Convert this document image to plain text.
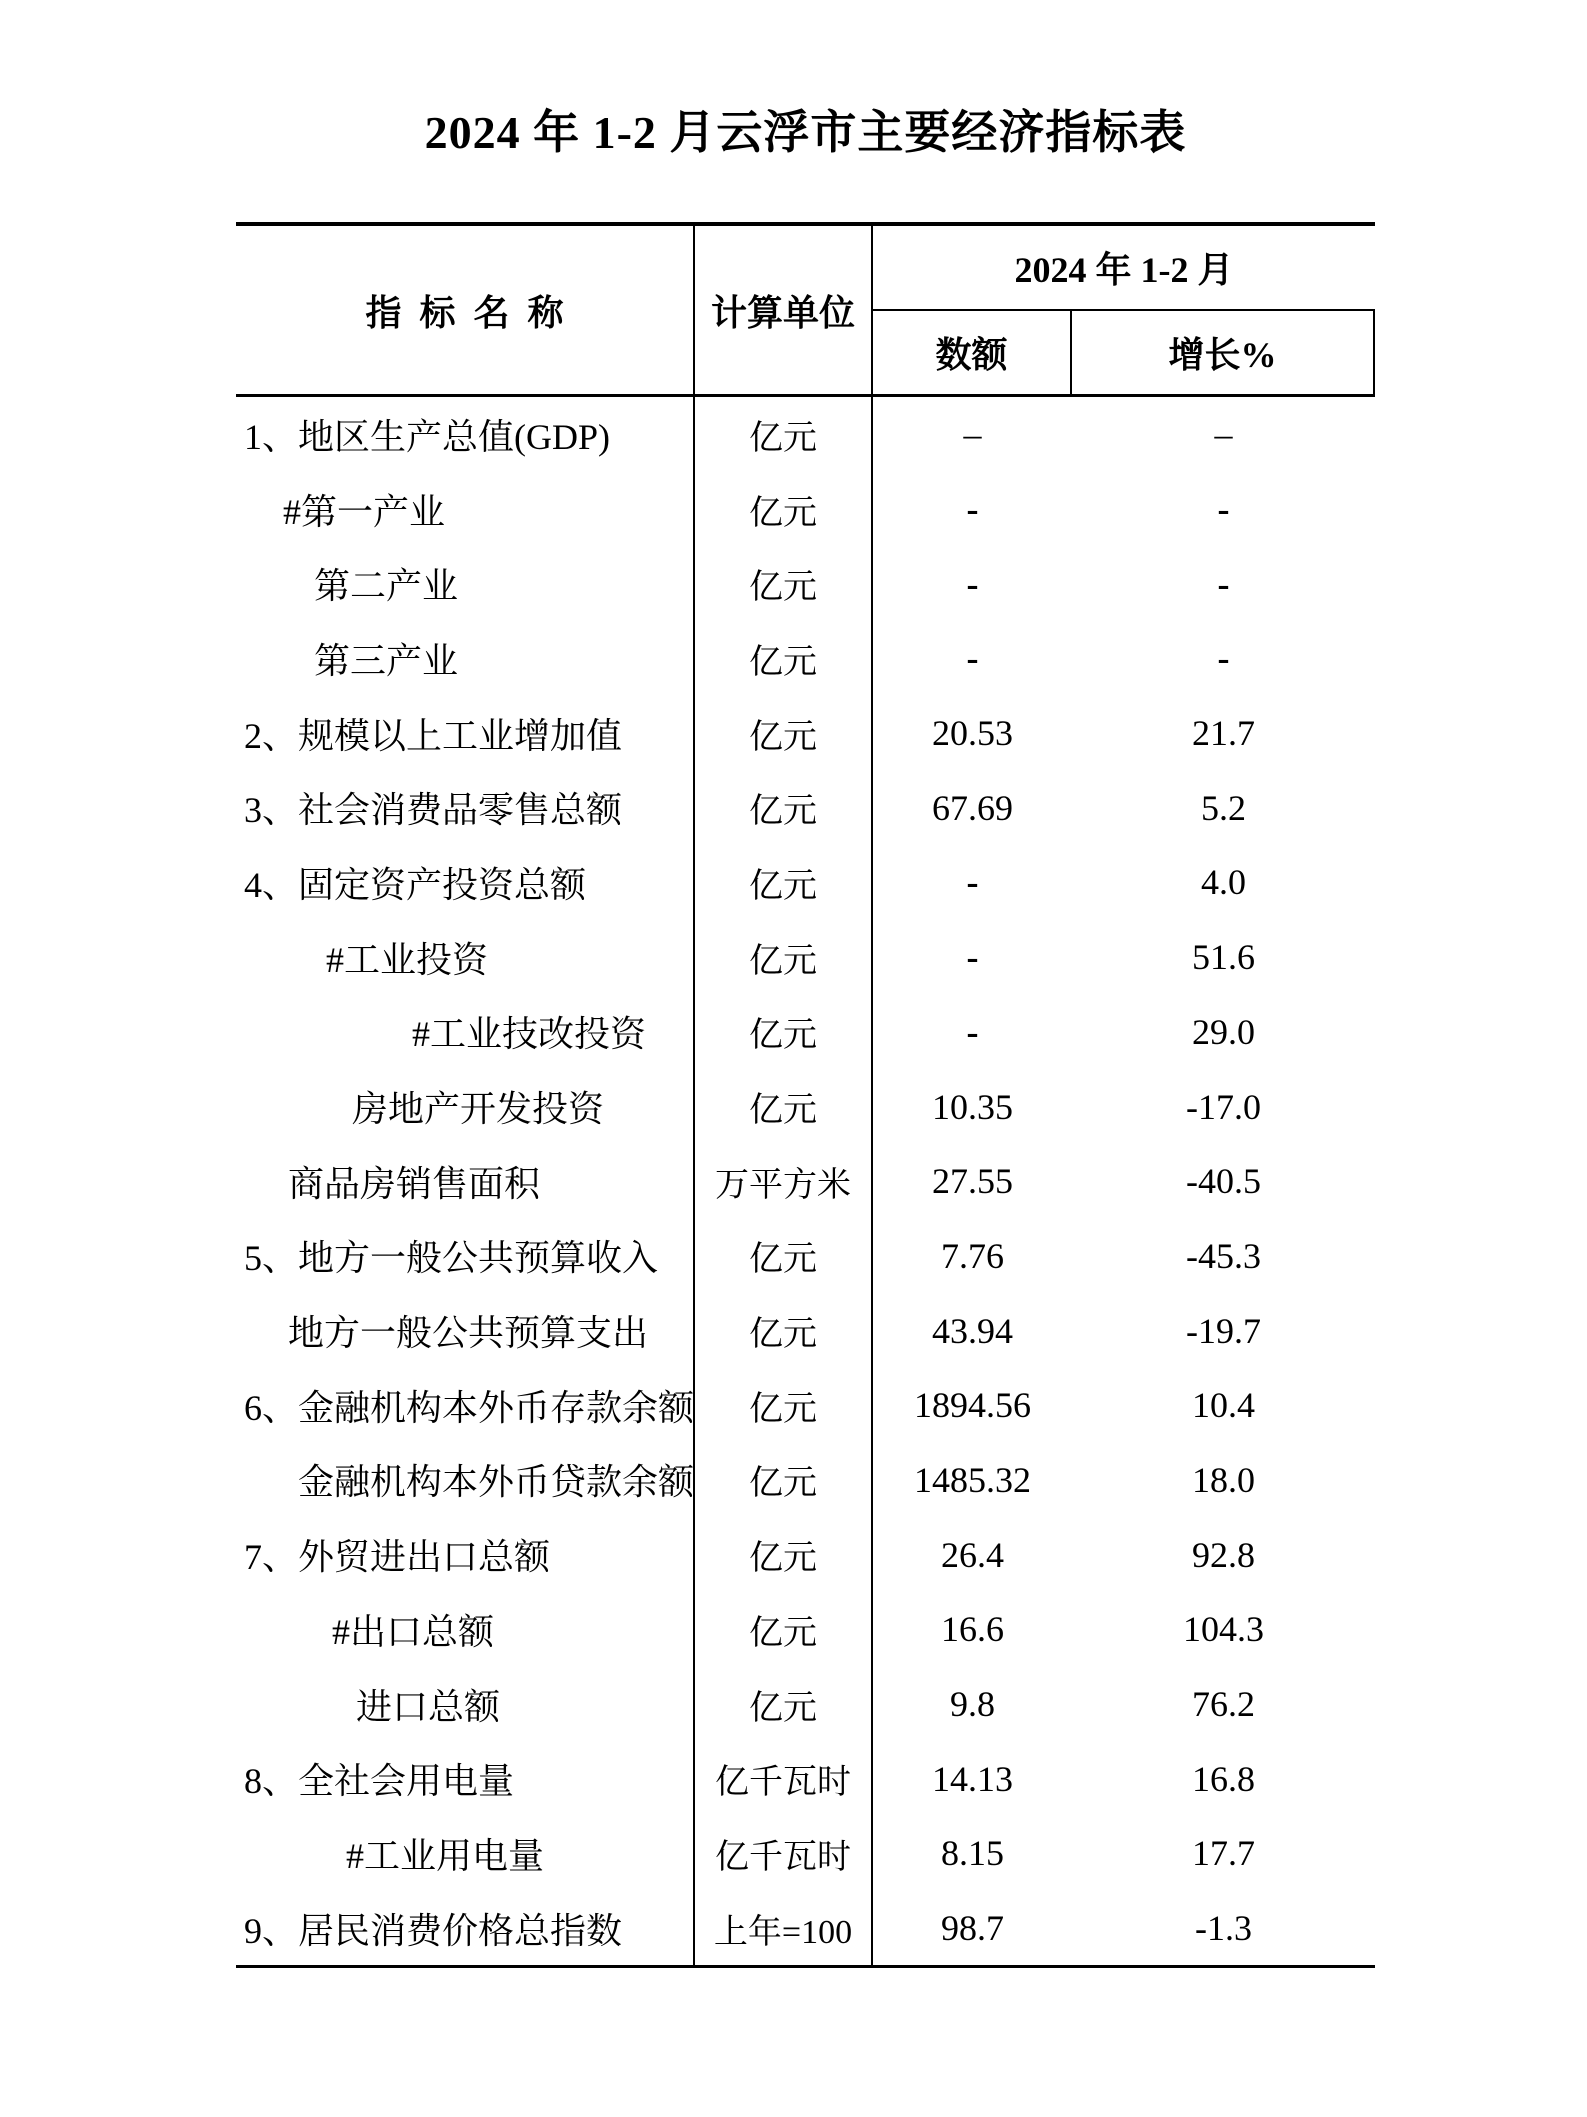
2024 年 1-2 月云浮市主要经济指标表
指  标  名  称	计算单位
2024 年 1-2 月
数额	增长%
1、地区生产总值(GDP)	亿元	–	–
#第一产业	亿元	-	-
第二产业	亿元	-	-
第三产业	亿元	-	-
2、规模以上工业增加值	亿元	20.53	21.7
3、社会消费品零售总额	亿元	67.69	5.2
4、固定资产投资总额	亿元	-	4.0
#工业投资	亿元	-	51.6
#工业技改投资	亿元	-	29.0
房地产开发投资	亿元	10.35	-17.0
商品房销售面积	万平方米	27.55	-40.5
5、地方一般公共预算收入	亿元	7.76	-45.3
地方一般公共预算支出	亿元	43.94	-19.7
6、金融机构本外币存款余额	亿元	1894.56	10.4
金融机构本外币贷款余额	亿元	1485.32	18.0
7、外贸进出口总额	亿元	26.4	92.8
#出口总额	亿元	16.6	104.3
进口总额	亿元	9.8	76.2
8、全社会用电量	亿千瓦时	14.13	16.8
#工业用电量	亿千瓦时	8.15	17.7
9、居民消费价格总指数	上年=100	98.7	-1.3
